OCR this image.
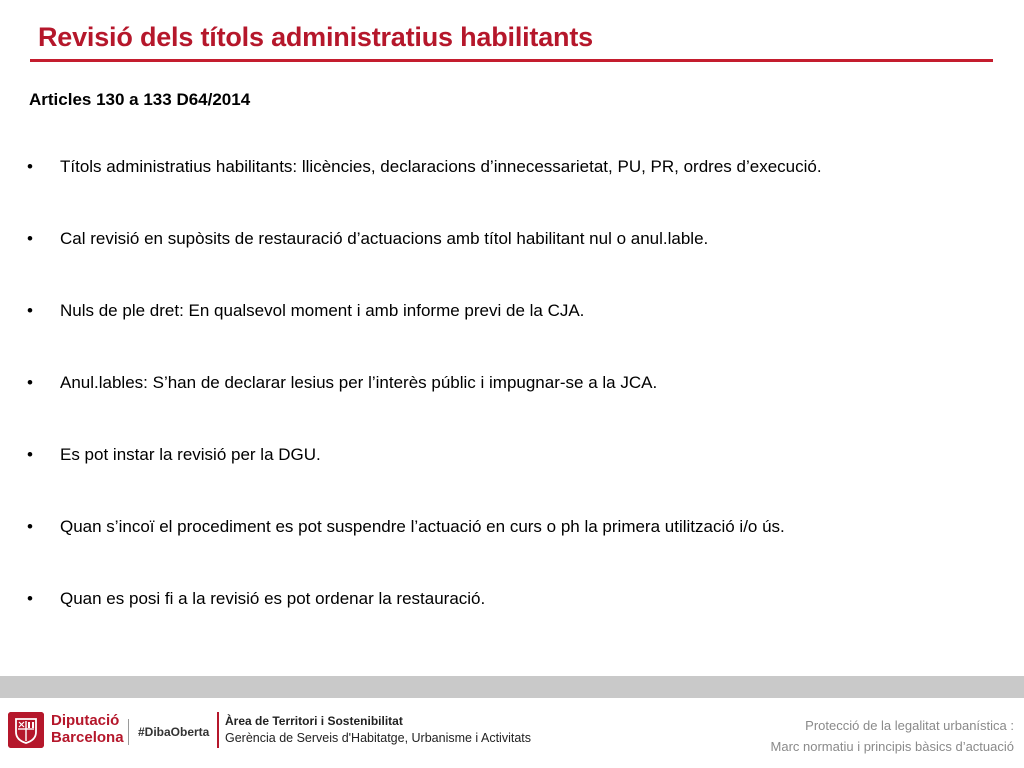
Revisió dels títols administratius habilitants
Articles 130 a 133 D64/2014
• Títols administratius habilitants: llicències, declaracions d’innecessarietat, PU, PR, ordres d’execució.
• Cal revisió en supòsits de restauració d’actuacions amb títol habilitant nul o anul.lable.
• Nuls de ple dret: En qualsevol moment i amb informe previ de la CJA.
• Anul.lables: S’han de declarar lesius per l’interès públic i impugnar-se a la JCA.
• Es pot instar la revisió per la DGU.
• Quan s’incoï el procediment es pot suspendre l’actuació en curs o ph la primera utilització i/o ús.
• Quan es posi fi a la revisió es pot ordenar la restauració.
Diputació
Barcelona #DibaOberta
Àrea de Territori i Sostenibilitat
Gerència de Serveis d'Habitatge, Urbanisme i Activitats
Protecció de la legalitat urbanística :
Marc normatiu i principis bàsics d’actuació
